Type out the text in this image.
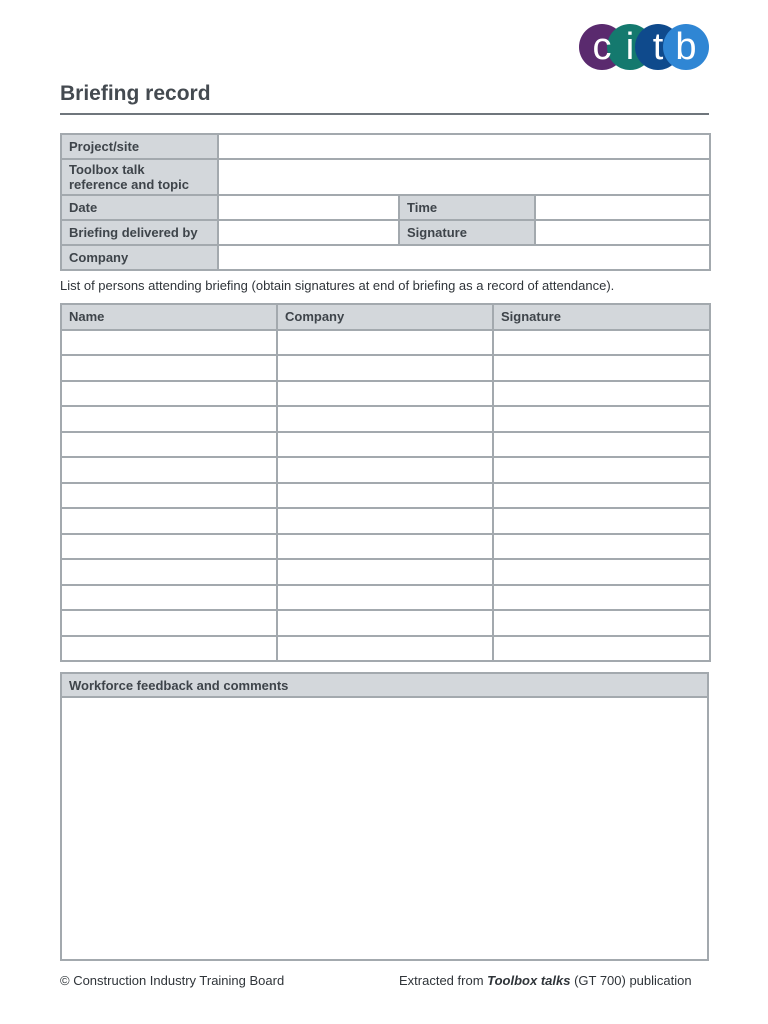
c i t b
Briefing record
Project/site			

Toolbox talk
reference and topic			

Date		Time	
Briefing delivered by		Signature	
Company			
List of persons attending briefing (obtain signatures at end of briefing as a record of attendance).
Name	Company	Signature

Workforce feedback and comments
© Construction Industry Training Board	Extracted from Toolbox talks (GT 700) publication
